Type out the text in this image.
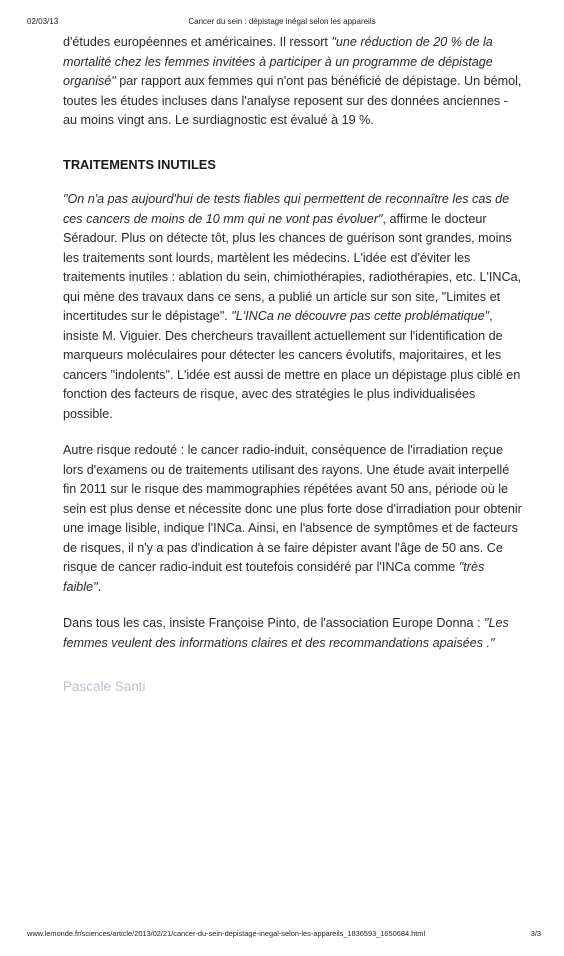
02/03/13	Cancer du sein : dépistage inégal selon les appareils

d'études européennes et américaines. Il ressort "une réduction de 20 % de la mortalité chez les femmes invitées à participer à un programme de dépistage organisé" par rapport aux femmes qui n'ont pas bénéficié de dépistage. Un bémol, toutes les études incluses dans l'analyse reposent sur des données anciennes - au moins vingt ans. Le surdiagnostic est évalué à 19 %.

TRAITEMENTS INUTILES

"On n'a pas aujourd'hui de tests fiables qui permettent de reconnaître les cas de ces cancers de moins de 10 mm qui ne vont pas évoluer", affirme le docteur Séradour. Plus on détecte tôt, plus les chances de guérison sont grandes, moins les traitements sont lourds, martèlent les médecins. L'idée est d'éviter les traitements inutiles : ablation du sein, chimiothérapies, radiothérapies, etc. L'INCa, qui mène des travaux dans ce sens, a publié un article sur son site, "Limites et incertitudes sur le dépistage". "L'INCa ne découvre pas cette problématique", insiste M. Viguier. Des chercheurs travaillent actuellement sur l'identification de marqueurs moléculaires pour détecter les cancers évolutifs, majoritaires, et les cancers "indolents". L'idée est aussi de mettre en place un dépistage plus ciblé en fonction des facteurs de risque, avec des stratégies le plus individualisées possible.

Autre risque redouté : le cancer radio-induit, conséquence de l'irradiation reçue lors d'examens ou de traitements utilisant des rayons. Une étude avait interpellé fin 2011 sur le risque des mammographies répétées avant 50 ans, période où le sein est plus dense et nécessite donc une plus forte dose d'irradiation pour obtenir une image lisible, indique l'INCa. Ainsi, en l'absence de symptômes et de facteurs de risques, il n'y a pas d'indication à se faire dépister avant l'âge de 50 ans. Ce risque de cancer radio-induit est toutefois considéré par l'INCa comme "très faible".

Dans tous les cas, insiste Françoise Pinto, de l'association Europe Donna : "Les femmes veulent des informations claires et des recommandations apaisées ."

Pascale Santi

www.lemonde.fr/sciences/article/2013/02/21/cancer-du-sein-depistage-inegal-selon-les-appareils_1836593_1650684.html	3/3
